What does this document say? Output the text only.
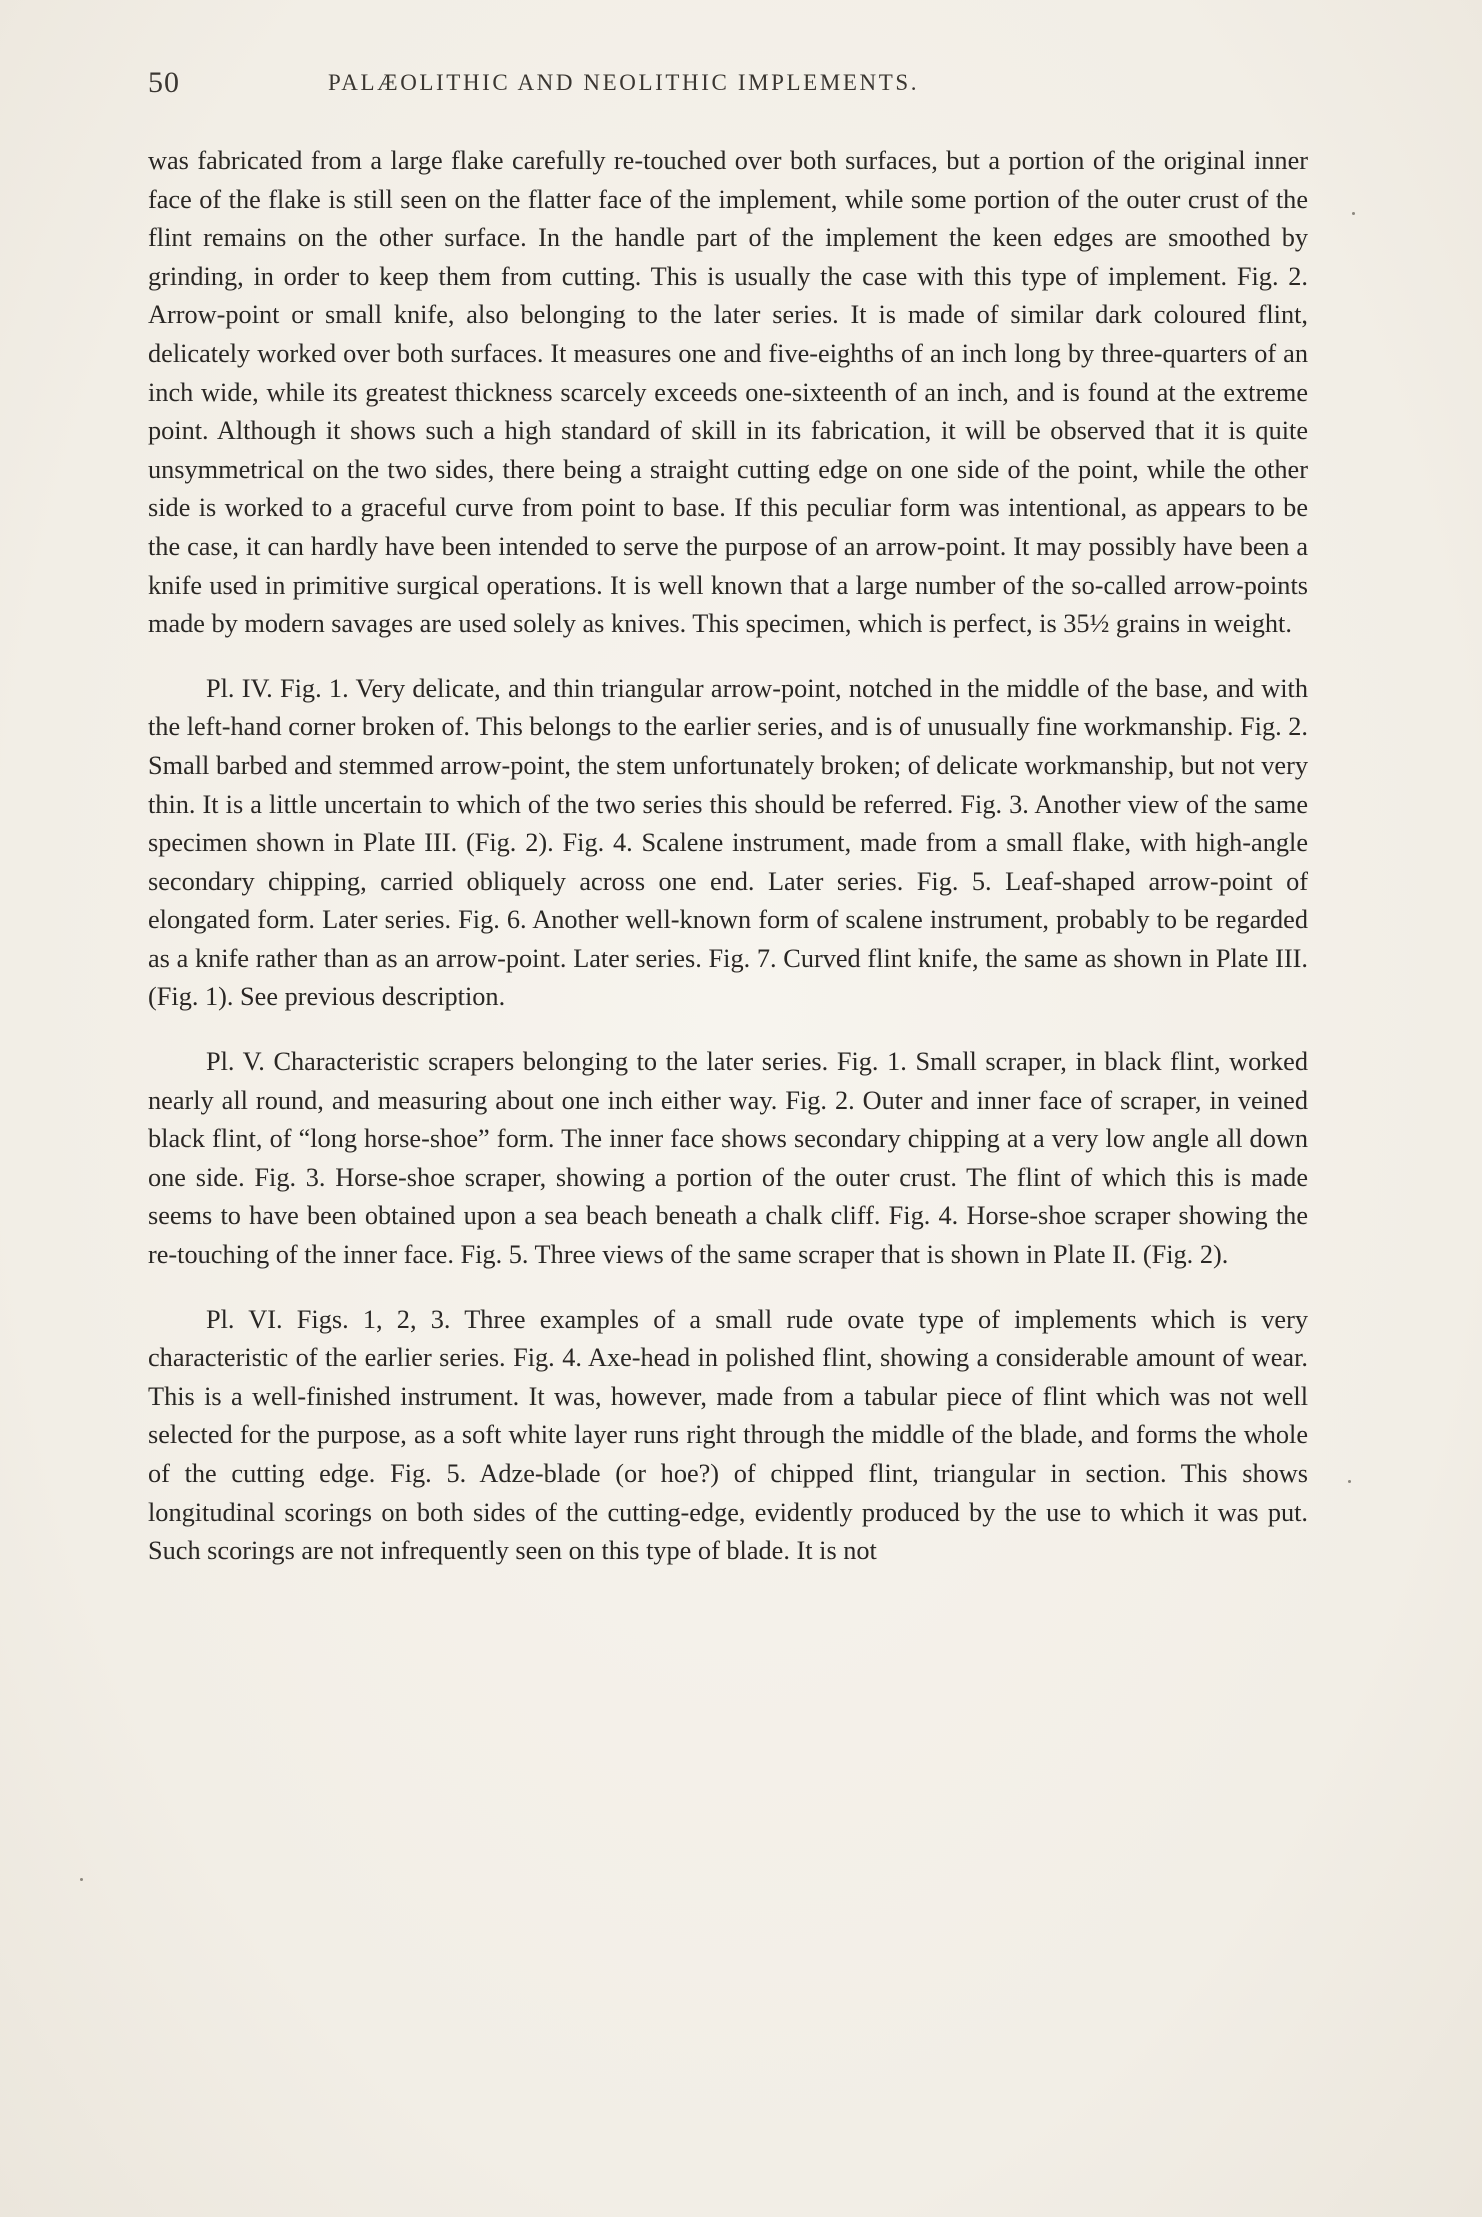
50	PALÆOLITHIC AND NEOLITHIC IMPLEMENTS.

was fabricated from a large flake carefully re-touched over both surfaces, but a portion of the original inner face of the flake is still seen on the flatter face of the implement, while some portion of the outer crust of the flint remains on the other surface. In the handle part of the implement the keen edges are smoothed by grinding, in order to keep them from cutting. This is usually the case with this type of implement. Fig. 2. Arrow-point or small knife, also belonging to the later series. It is made of similar dark coloured flint, delicately worked over both surfaces. It measures one and five-eighths of an inch long by three-quarters of an inch wide, while its greatest thickness scarcely exceeds one-sixteenth of an inch, and is found at the extreme point. Although it shows such a high standard of skill in its fabrication, it will be observed that it is quite unsymmetrical on the two sides, there being a straight cutting edge on one side of the point, while the other side is worked to a graceful curve from point to base. If this peculiar form was intentional, as appears to be the case, it can hardly have been intended to serve the purpose of an arrow-point. It may possibly have been a knife used in primitive surgical operations. It is well known that a large number of the so-called arrow-points made by modern savages are used solely as knives. This specimen, which is perfect, is 35½ grains in weight.

Pl. IV. Fig. 1. Very delicate, and thin triangular arrow-point, notched in the middle of the base, and with the left-hand corner broken of. This belongs to the earlier series, and is of unusually fine workmanship. Fig. 2. Small barbed and stemmed arrow-point, the stem unfortunately broken; of delicate workmanship, but not very thin. It is a little uncertain to which of the two series this should be referred. Fig. 3. Another view of the same specimen shown in Plate III. (Fig. 2). Fig. 4. Scalene instrument, made from a small flake, with high-angle secondary chipping, carried obliquely across one end. Later series. Fig. 5. Leaf-shaped arrow-point of elongated form. Later series. Fig. 6. Another well-known form of scalene instrument, probably to be regarded as a knife rather than as an arrow-point. Later series. Fig. 7. Curved flint knife, the same as shown in Plate III. (Fig. 1). See previous description.

Pl. V. Characteristic scrapers belonging to the later series. Fig. 1. Small scraper, in black flint, worked nearly all round, and measuring about one inch either way. Fig. 2. Outer and inner face of scraper, in veined black flint, of “long horse-shoe” form. The inner face shows secondary chipping at a very low angle all down one side. Fig. 3. Horse-shoe scraper, showing a portion of the outer crust. The flint of which this is made seems to have been obtained upon a sea beach beneath a chalk cliff. Fig. 4. Horse-shoe scraper showing the re-touching of the inner face. Fig. 5. Three views of the same scraper that is shown in Plate II. (Fig. 2).

Pl. VI. Figs. 1, 2, 3. Three examples of a small rude ovate type of implements which is very characteristic of the earlier series. Fig. 4. Axe-head in polished flint, showing a considerable amount of wear. This is a well-finished instrument. It was, however, made from a tabular piece of flint which was not well selected for the purpose, as a soft white layer runs right through the middle of the blade, and forms the whole of the cutting edge. Fig. 5. Adze-blade (or hoe?) of chipped flint, triangular in section. This shows longitudinal scorings on both sides of the cutting-edge, evidently produced by the use to which it was put. Such scorings are not infrequently seen on this type of blade. It is not
